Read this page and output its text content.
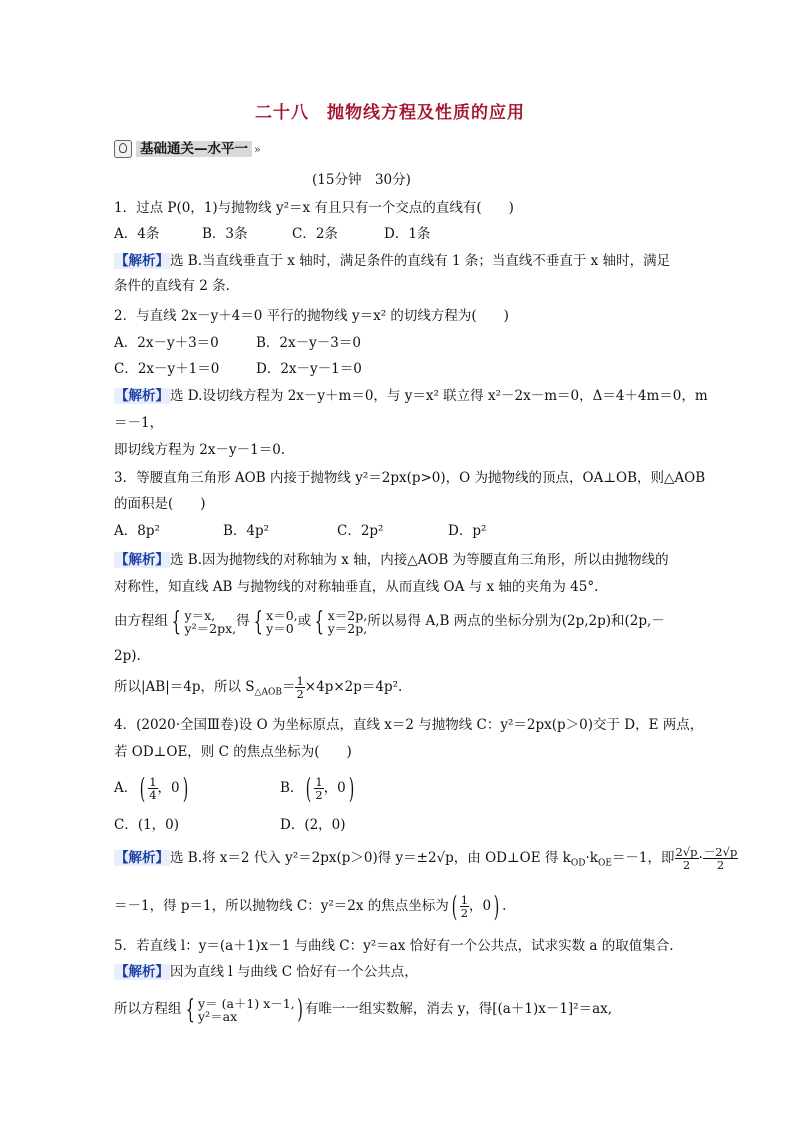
二十八　抛物线方程及性质的应用
基础通关—水平一 »
(15分钟　30分)
1．过点 P(0，1)与抛物线 y²＝x 有且只有一个交点的直线有(　　)
A．4条	B．3条	C．2条	D．1条
【解析】选 B.当直线垂直于 x 轴时，满足条件的直线有 1 条；当直线不垂直于 x 轴时，满足
条件的直线有 2 条.
2．与直线 2x－y＋4＝0 平行的抛物线 y＝x² 的切线方程为(　　)
A．2x－y＋3＝0	B．2x－y－3＝0
C．2x－y＋1＝0	D．2x－y－1＝0
【解析】选 D.设切线方程为 2x－y＋m＝0，与 y＝x² 联立得 x²－2x－m＝0，Δ＝4＋4m＝0，m
＝－1，
即切线方程为 2x－y－1＝0.
3．等腰直角三角形 AOB 内接于抛物线 y²＝2px(p>0)，O 为抛物线的顶点，OA⊥OB，则△AOB
的面积是(　　)
A．8p²	B．4p²	C．2p²	D．p²
【解析】选 B.因为抛物线的对称轴为 x 轴，内接△AOB 为等腰直角三角形，所以由抛物线的
对称性，知直线 AB 与抛物线的对称轴垂直，从而直线 OA 与 x 轴的夹角为 45°.
由方程组 { y＝x,
y²＝2px,得 { x＝0,
y＝0 或 { x＝2p,
y＝2p,所以易得 A,B 两点的坐标分别为(2p,2p)和(2p,－
2p).
所以|AB|＝4p，所以 $S_{\triangle AOB}= \frac{1}{2} \times 4p\times 2p=4p^2$.
4．(2020·全国Ⅲ卷)设 O 为坐标原点，直线 x＝2 与抛物线 C：y²＝2px(p＞0)交于 D，E 两点，
若 OD⊥OE，则 C 的焦点坐标为(　　)
A．( $\frac{1}{4}$ ，0)	B．( $\frac{1}{2}$ ，0)
C．(1，0)	D．(2，0)
【解析】选 B.将 x＝2 代入 y²＝2px(p＞0)得 y＝±2√p，由 OD⊥OE 得 $k_{OD}\cdot k_{OE}=-1$，即 $\frac{2√p}{2} \cdot \frac{-2√p}{2}$
＝－1，得 p＝1，所以抛物线 C：y²＝2x 的焦点坐标为( $\frac{1}{2}$ ，0) .
5．若直线 l：y＝(a＋1)x－1 与曲线 C：y²＝ax 恰好有一个公共点，试求实数 a 的取值集合.
【解析】因为直线 l 与曲线 C 恰好有一个公共点，
所以方程组 { y＝ (a＋1) x－1,
y²＝ax ) 有唯一一组实数解，消去 y，得[(a＋1)x－1]²＝ax,
